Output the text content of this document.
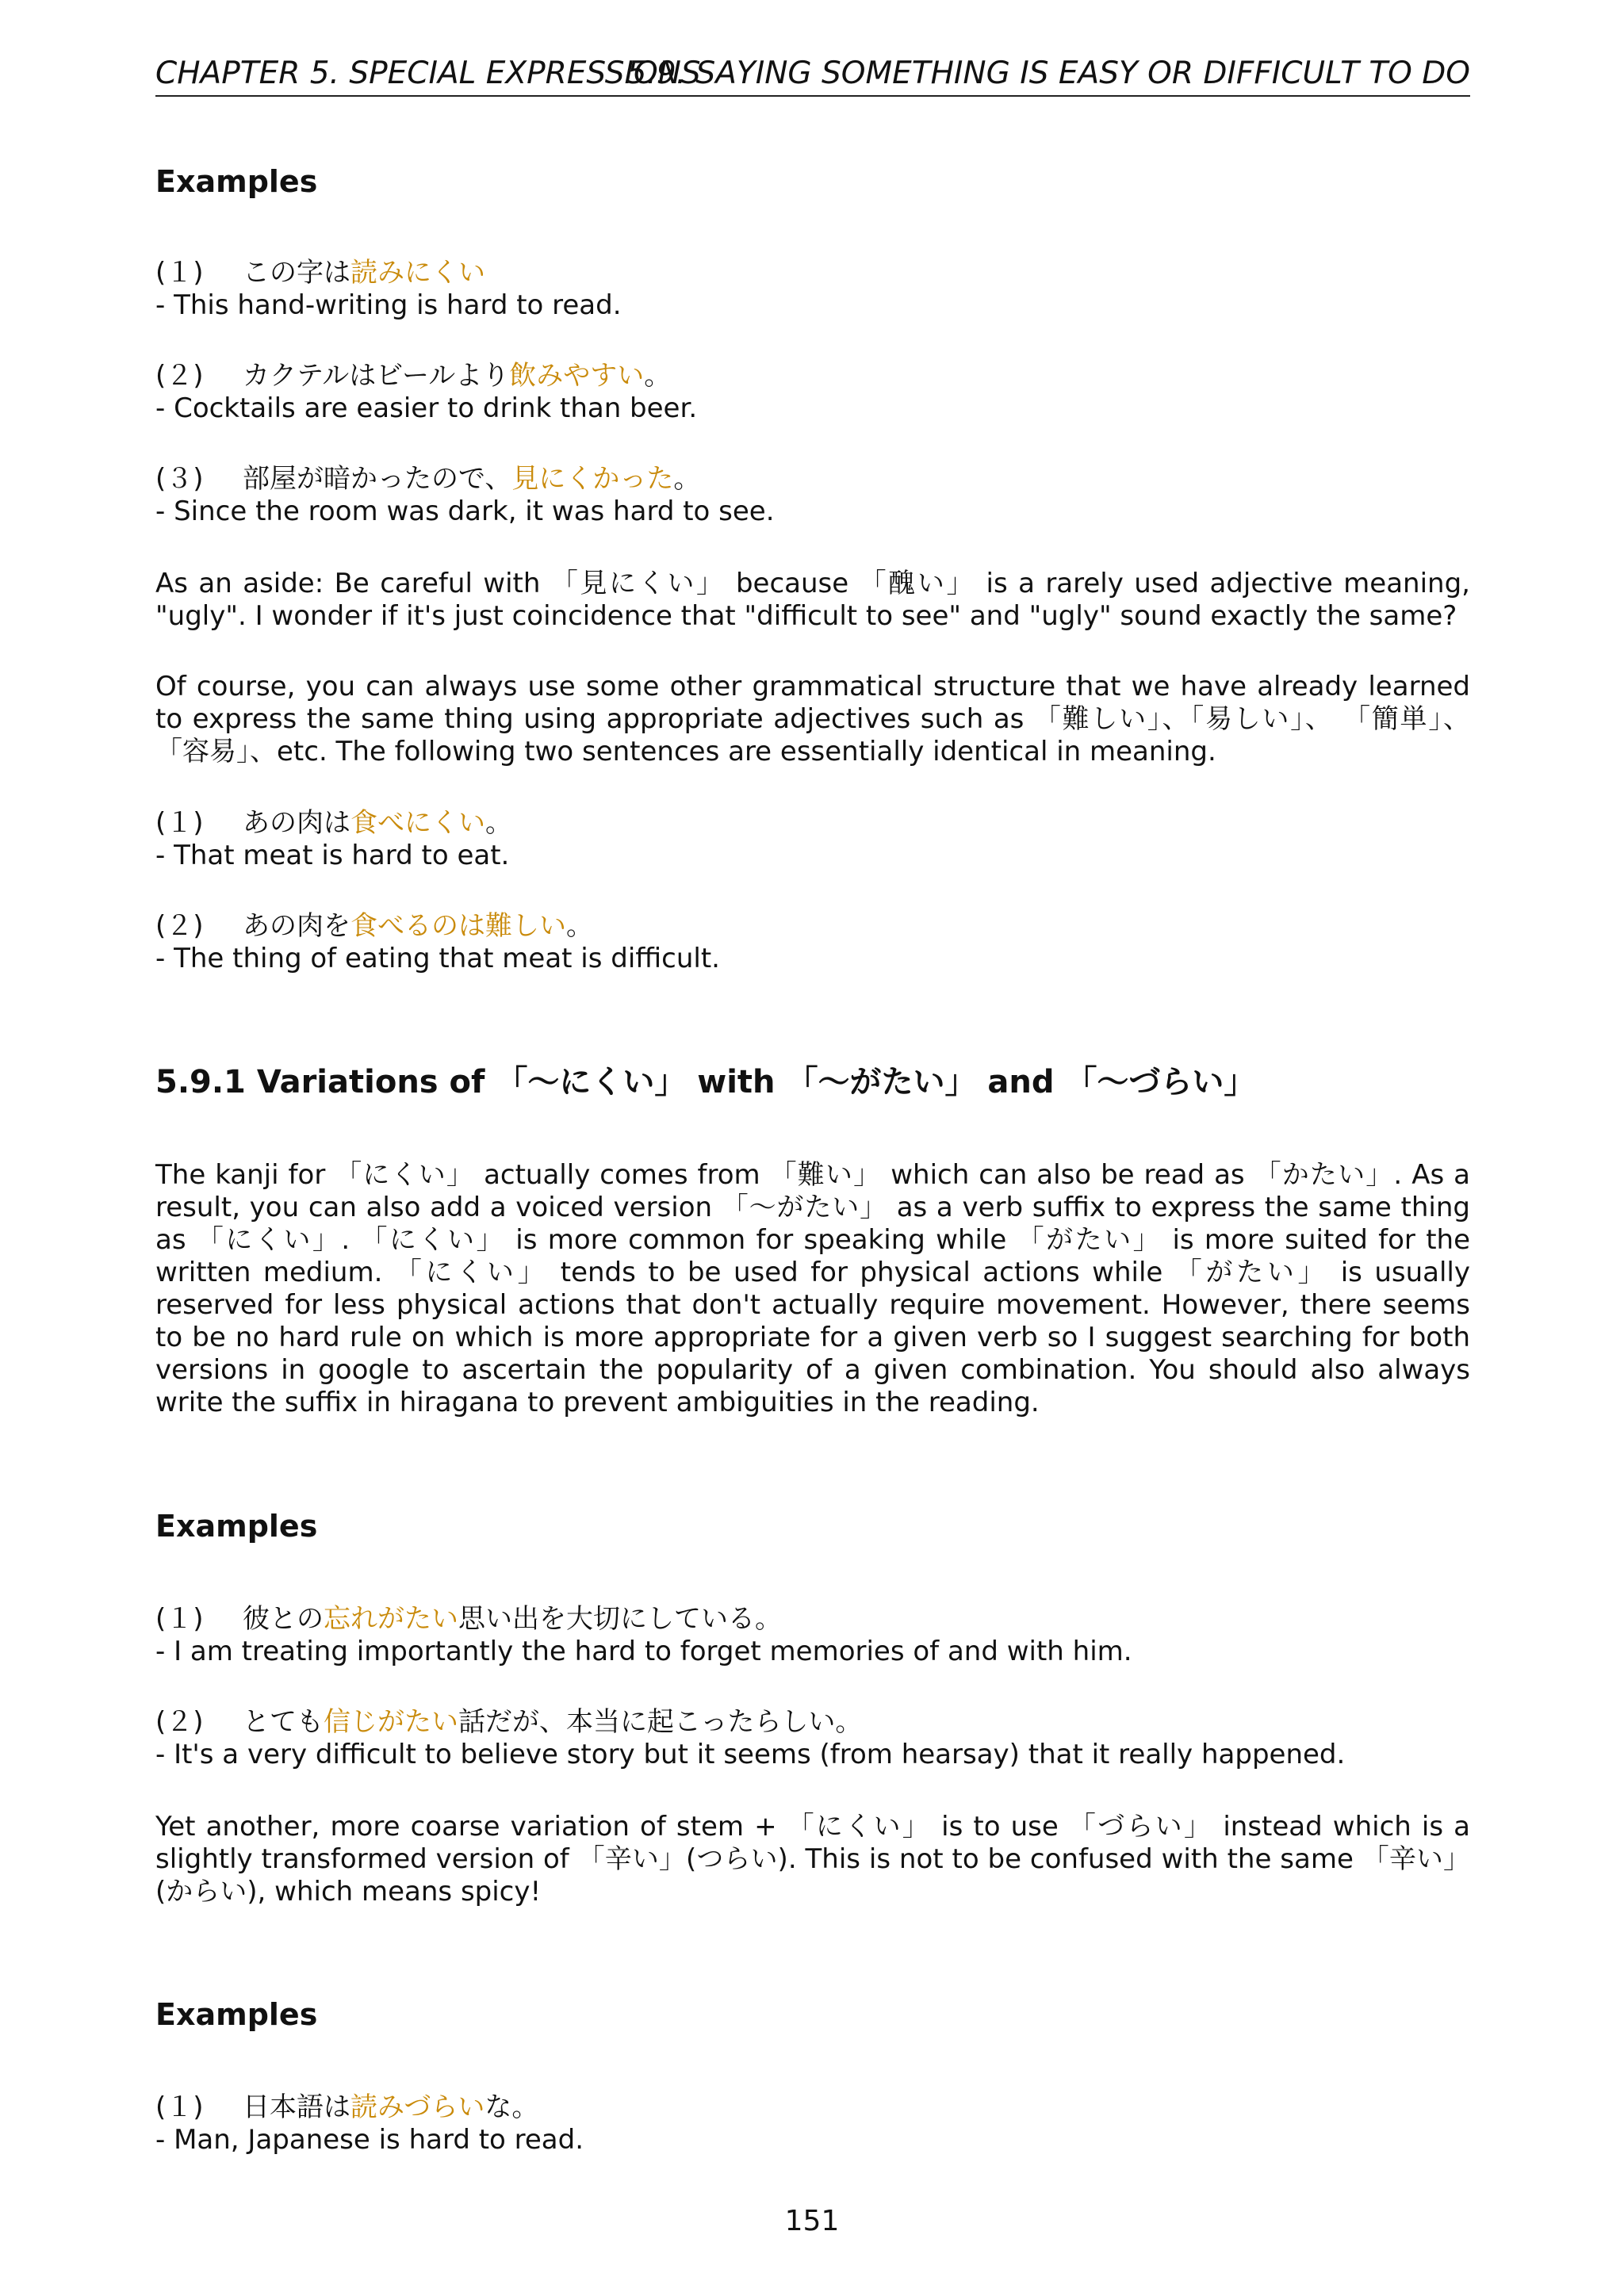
CHAPTER 5. SPECIAL EXPRESSIONS
5.9. SAYING SOMETHING IS EASY OR DIFFICULT TO DO
Examples
(１) この字は読みにくい
- This hand-writing is hard to read.
(２) カクテルはビールより飲みやすい。
- Cocktails are easier to drink than beer.
(３) 部屋が暗かったので、見にくかった。
- Since the room was dark, it was hard to see.
As an aside: Be careful with 「見にくい」 because 「醜い」 is a rarely used adjective meaning, "ugly". I wonder if it's just coincidence that "difficult to see" and "ugly" sound exactly the same?
Of course, you can always use some other grammatical structure that we have already learned to express the same thing using appropriate adjectives such as 「難しい」、「易しい」、 「簡単」、「容易」、etc. The following two sentences are essentially identical in meaning.
(１) あの肉は食べにくい。
- That meat is hard to eat.
(２) あの肉を食べるのは難しい。
- The thing of eating that meat is difficult.
5.9.1 Variations of 「～にくい」 with 「～がたい」 and 「～づらい」
The kanji for 「にくい」 actually comes from 「難い」 which can also be read as 「かたい」. As a result, you can also add a voiced version 「～がたい」 as a verb suffix to express the same thing as 「にくい」. 「にくい」 is more common for speaking while 「がたい」 is more suited for the written medium. 「にくい」 tends to be used for physical actions while 「がたい」 is usually reserved for less physical actions that don't actually require movement. However, there seems to be no hard rule on which is more appropriate for a given verb so I suggest searching for both versions in google to ascertain the popularity of a given combination. You should also always write the suffix in hiragana to prevent ambiguities in the reading.
Examples
(１) 彼との忘れがたい思い出を大切にしている。
- I am treating importantly the hard to forget memories of and with him.
(２) とても信じがたい話だが、本当に起こったらしい。
- It's a very difficult to believe story but it seems (from hearsay) that it really happened.
Yet another, more coarse variation of stem + 「にくい」 is to use 「づらい」 instead which is a slightly transformed version of 「辛い」(つらい). This is not to be confused with the same 「辛い」(からい), which means spicy!
Examples
(１) 日本語は読みづらいな。
- Man, Japanese is hard to read.
151
